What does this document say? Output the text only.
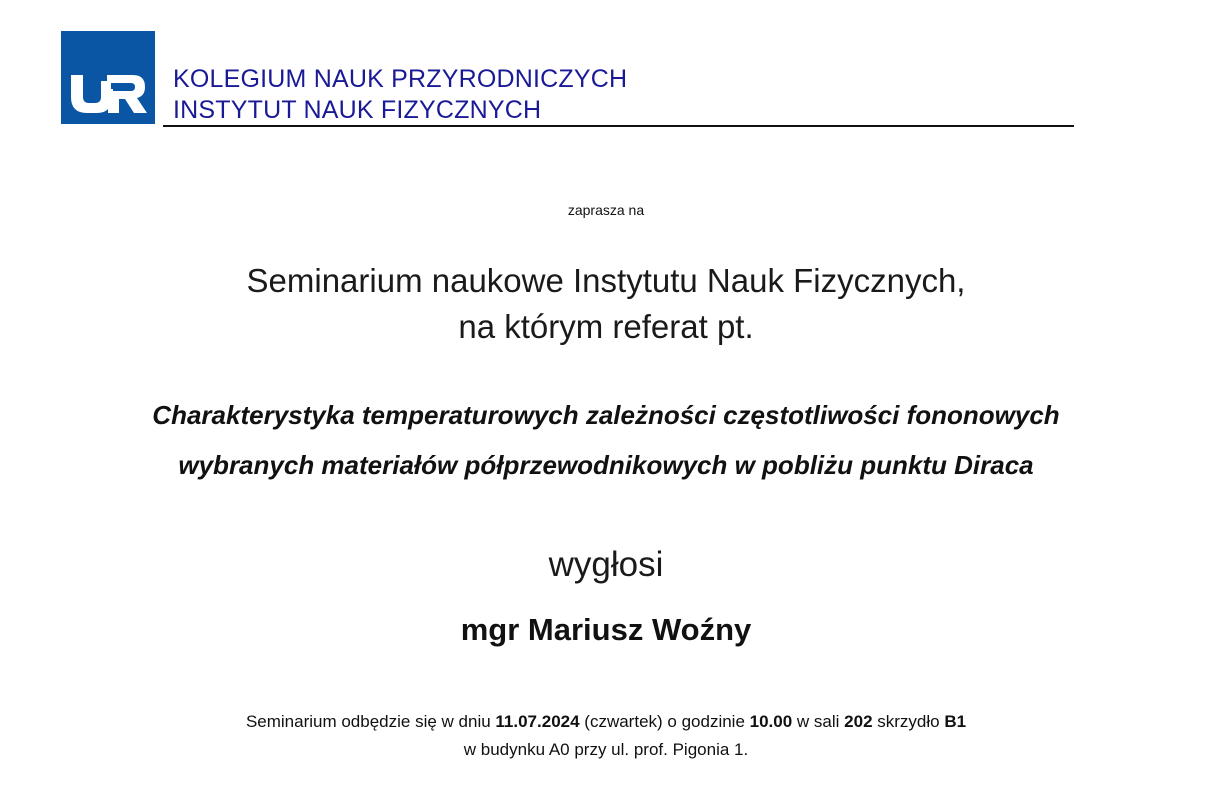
KOLEGIUM NAUK PRZYRODNICZYCH
INSTYTUT NAUK FIZYCZNYCH
zaprasza na
Seminarium naukowe Instytutu Nauk Fizycznych,
na którym referat pt.
Charakterystyka temperaturowych zależności częstotliwości fononowych
wybranych materiałów półprzewodnikowych w pobliżu punktu Diraca
wygłosi
mgr Mariusz Woźny
Seminarium odbędzie się w dniu 11.07.2024 (czwartek) o godzinie 10.00 w sali 202 skrzydło B1
w budynku A0 przy ul. prof. Pigonia 1.
